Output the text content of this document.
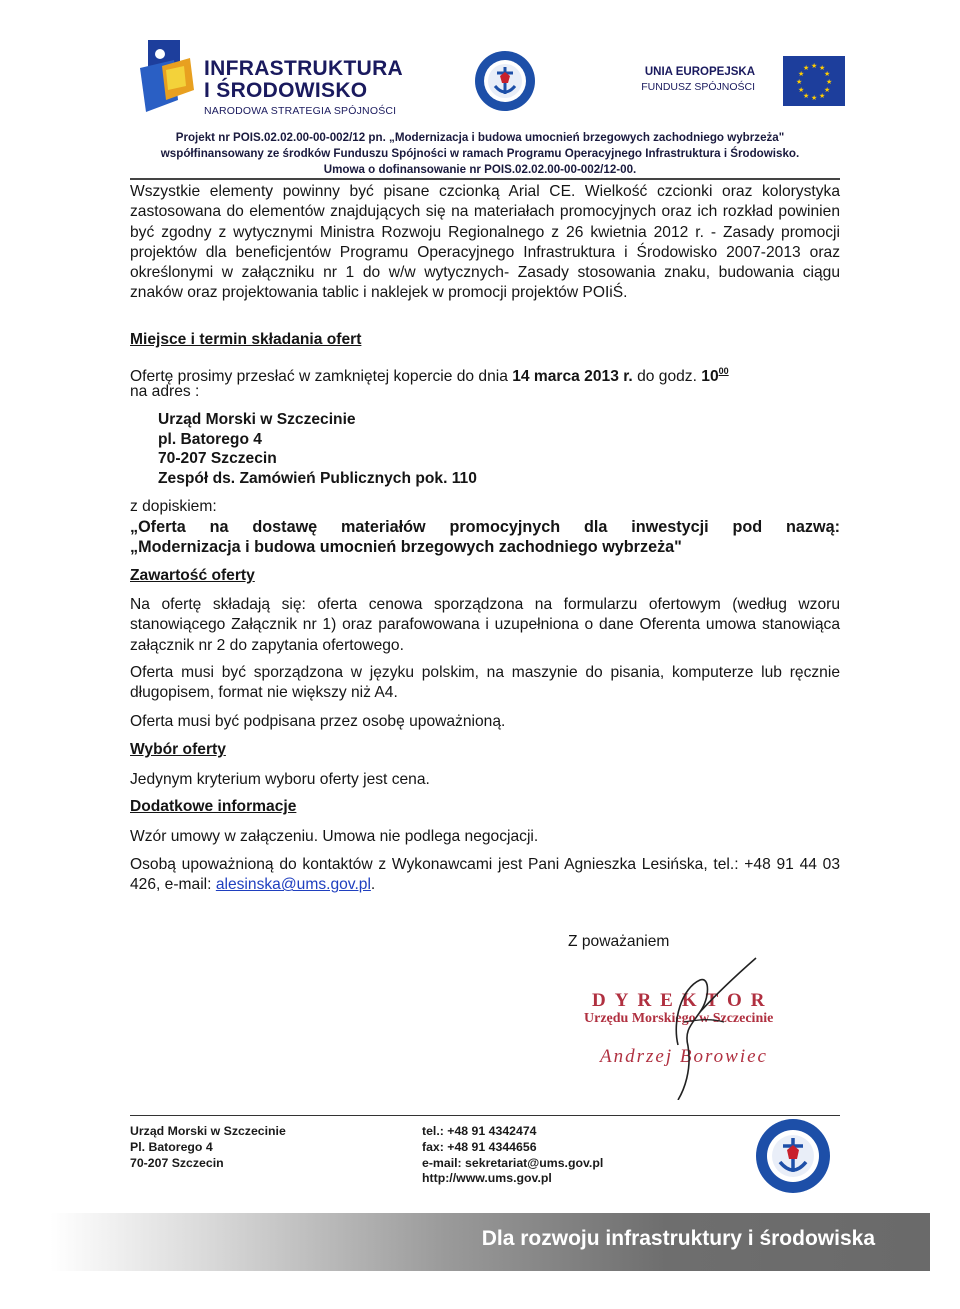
INFRASTRUKTURA
I ŚRODOWISKO
NARODOWA STRATEGIA SPÓJNOŚCI
UNIA EUROPEJSKA
FUNDUSZ SPÓJNOŚCI
★ ★
★
★
★
★
★
★
★
★
★
★
Projekt nr POIS.02.02.00-00-002/12 pn. „Modernizacja i budowa umocnień brzegowych zachodniego wybrzeża"
współfinansowany ze środków Funduszu Spójności w ramach Programu Operacyjnego Infrastruktura i Środowisko.
Umowa o dofinansowanie nr POIS.02.02.00-00-002/12-00.
Wszystkie elementy powinny być pisane czcionką Arial CE. Wielkość czcionki oraz kolorystyka zastosowana do elementów znajdujących się na materiałach promocyjnych oraz ich rozkład powinien być zgodny z wytycznymi Ministra Rozwoju Regionalnego z 26 kwietnia 2012 r. - Zasady promocji projektów dla beneficjentów Programu Operacyjnego Infrastruktura i Środowisko 2007-2013 oraz określonymi w załączniku nr 1 do w/w wytycznych- Zasady stosowania znaku, budowania ciągu znaków oraz projektowania tablic i naklejek w promocji projektów POIiŚ.
Miejsce i termin składania ofert
Ofertę prosimy przesłać w zamkniętej kopercie do dnia 14 marca 2013 r. do godz. $10^{00}$
na adres :
Urząd Morski w Szczecinie
pl. Batorego 4
70-207 Szczecin
Zespół ds. Zamówień Publicznych pok. 110
z dopiskiem:
„Oferta na dostawę materiałów promocyjnych dla inwestycji pod nazwą:
„Modernizacja i budowa umocnień brzegowych zachodniego wybrzeża"
Zawartość oferty
Na ofertę składają się: oferta cenowa sporządzona na formularzu ofertowym (według wzoru stanowiącego Załącznik nr 1) oraz parafowowana i uzupełniona o dane Oferenta umowa stanowiąca załącznik nr 2 do zapytania ofertowego.
Oferta musi być sporządzona w języku polskim, na maszynie do pisania, komputerze lub ręcznie długopisem, format nie większy niż A4.
Oferta musi być podpisana przez osobę upoważnioną.
Wybór oferty
Jedynym kryterium wyboru oferty jest cena.
Dodatkowe informacje
Wzór umowy w załączeniu. Umowa nie podlega negocjacji.
Osobą upoważnioną do kontaktów z Wykonawcami jest Pani Agnieszka Lesińska, tel.: +48 91 44 03 426, e-mail: alesinska@ums.gov.pl.
Z poważaniem
DYREKTOR
Urzędu Morskiego w Szczecinie
Andrzej Borowiec
Urząd Morski w Szczecinie
Pl. Batorego 4
70-207 Szczecin
tel.: +48 91 4342474
fax: +48 91 4344656
e-mail: sekretariat@ums.gov.pl
http://www.ums.gov.pl
Dla rozwoju infrastruktury i środowiska
